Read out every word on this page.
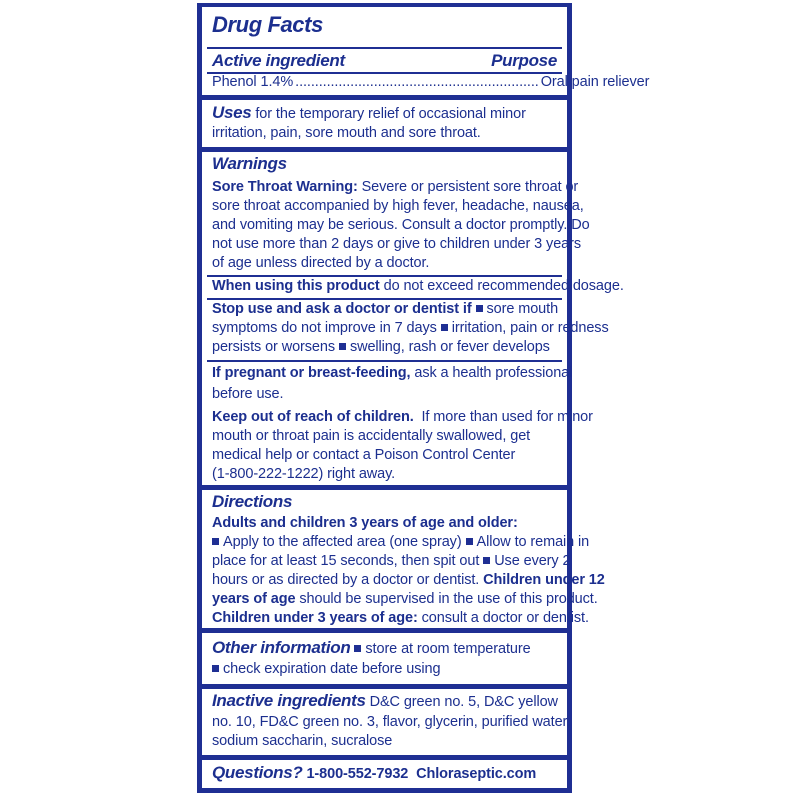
Drug Facts
Active ingredient	Purpose
Phenol 1.4% .............................................................. Oral pain reliever
Uses for the temporary relief of occasional minor
irritation, pain, sore mouth and sore throat.
Warnings
Sore Throat Warning: Severe or persistent sore throat or
sore throat accompanied by high fever, headache, nausea,
and vomiting may be serious. Consult a doctor promptly. Do
not use more than 2 days or give to children under 3 years
of age unless directed by a doctor.
When using this product do not exceed recommended dosage.
Stop use and ask a doctor or dentist if sore mouth
symptoms do not improve in 7 days irritation, pain or redness
persists or worsens swelling, rash or fever develops
If pregnant or breast-feeding, ask a health professional
before use.
Keep out of reach of children.  If more than used for minor
mouth or throat pain is accidentally swallowed, get
medical help or contact a Poison Control Center
(1-800-222-1222) right away.
Directions
Adults and children 3 years of age and older:
Apply to the affected area (one spray) Allow to remain in
place for at least 15 seconds, then spit out Use every 2
hours or as directed by a doctor or dentist. Children under 12
years of age should be supervised in the use of this product.
Children under 3 years of age: consult a doctor or dentist.
Other information store at room temperature
check expiration date before using
Inactive ingredients D&C green no. 5, D&C yellow
no. 10, FD&C green no. 3, flavor, glycerin, purified water,
sodium saccharin, sucralose
Questions? 1-800-552-7932 Chloraseptic.com
